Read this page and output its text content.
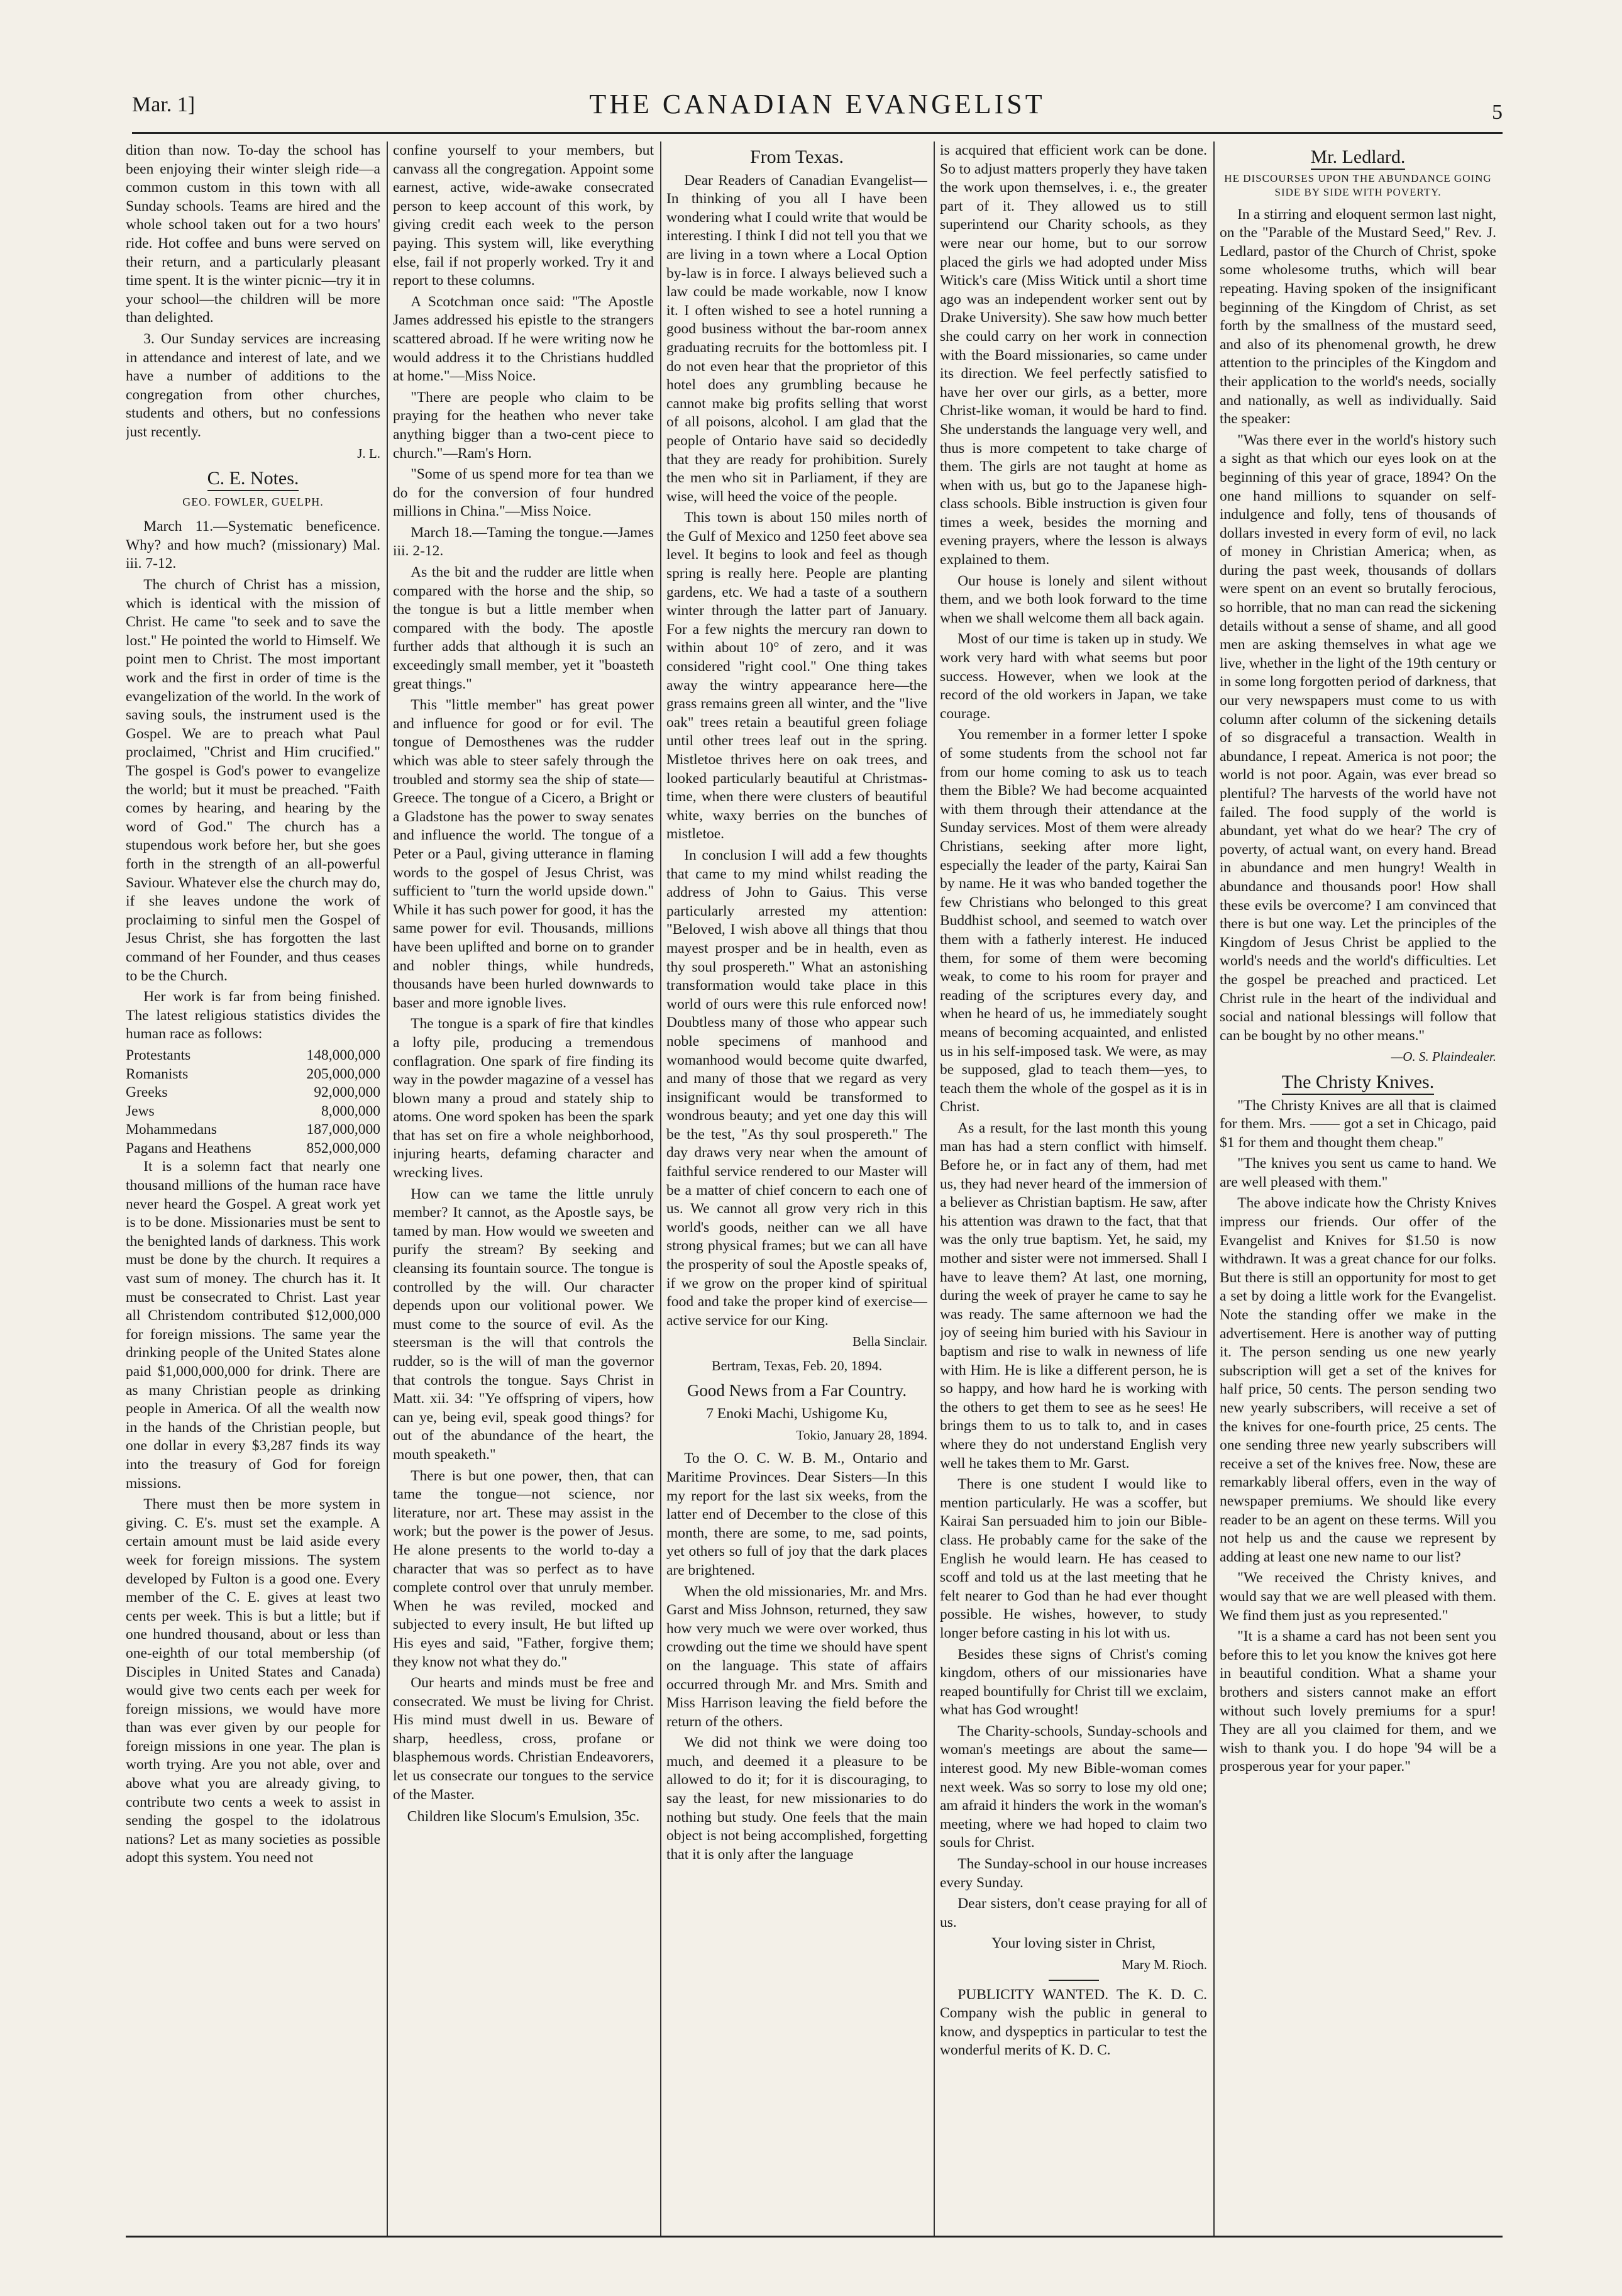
Mar. 1]	THE CANADIAN EVANGELIST	5

dition than now. To-day the school has been enjoying their winter sleigh ride—a common custom in this town with all Sunday schools. Teams are hired and the whole school taken out for a two hours' ride. Hot coffee and buns were served on their return, and a particularly pleasant time spent. It is the winter picnic—try it in your school—the children will be more than delighted.

3. Our Sunday services are increasing in attendance and interest of late, and we have a number of additions to the congregation from other churches, students and others, but no confessions just recently.

J. L.
C. E. Notes.
GEO. FOWLER, GUELPH.

March 11.—Systematic beneficence. Why? and how much? (missionary) Mal. iii. 7-12.

The church of Christ has a mission, which is identical with the mission of Christ. He came "to seek and to save the lost." He pointed the world to Himself. We point men to Christ. The most important work and the first in order of time is the evangelization of the world. In the work of saving souls, the instrument used is the Gospel. We are to preach what Paul proclaimed, "Christ and Him crucified." The gospel is God's power to evangelize the world; but it must be preached. "Faith comes by hearing, and hearing by the word of God." The church has a stupendous work before her, but she goes forth in the strength of an all-powerful Saviour. Whatever else the church may do, if she leaves undone the work of proclaiming to sinful men the Gospel of Jesus Christ, she has forgotten the last command of her Founder, and thus ceases to be the Church.

Her work is far from being finished. The latest religious statistics divides the human race as follows:

Protestants	148,000,000
Romanists	205,000,000
Greeks	92,000,000
Jews	8,000,000
Mohammedans	187,000,000
Pagans and Heathens	852,000,000

It is a solemn fact that nearly one thousand millions of the human race have never heard the Gospel. A great work yet is to be done. Missionaries must be sent to the benighted lands of darkness. This work must be done by the church. It requires a vast sum of money. The church has it. It must be consecrated to Christ. Last year all Christendom contributed $12,000,000 for foreign missions. The same year the drinking people of the United States alone paid $1,000,000,000 for drink. There are as many Christian people as drinking people in America. Of all the wealth now in the hands of the Christian people, but one dollar in every $3,287 finds its way into the treasury of God for foreign missions.

There must then be more system in giving. C. E's. must set the example. A certain amount must be laid aside every week for foreign missions. The system developed by Fulton is a good one. Every member of the C. E. gives at least two cents per week. This is but a little; but if one hundred thousand, about or less than one-eighth of our total membership (of Disciples in United States and Canada) would give two cents each per week for foreign missions, we would have more than was ever given by our people for foreign missions in one year. The plan is worth trying. Are you not able, over and above what you are already giving, to contribute two cents a week to assist in sending the gospel to the idolatrous nations? Let as many societies as possible adopt this system. You need not

confine yourself to your members, but canvass all the congregation. Appoint some earnest, active, wide-awake consecrated person to keep account of this work, by giving credit each week to the person paying. This system will, like everything else, fail if not properly worked. Try it and report to these columns.

A Scotchman once said: "The Apostle James addressed his epistle to the strangers scattered abroad. If he were writing now he would address it to the Christians huddled at home."—Miss Noice.

"There are people who claim to be praying for the heathen who never take anything bigger than a two-cent piece to church."—Ram's Horn.

"Some of us spend more for tea than we do for the conversion of four hundred millions in China."—Miss Noice.

March 18.—Taming the tongue.—James iii. 2-12.

As the bit and the rudder are little when compared with the horse and the ship, so the tongue is but a little member when compared with the body. The apostle further adds that although it is such an exceedingly small member, yet it "boasteth great things."

This "little member" has great power and influence for good or for evil. The tongue of Demosthenes was the rudder which was able to steer safely through the troubled and stormy sea the ship of state—Greece. The tongue of a Cicero, a Bright or a Gladstone has the power to sway senates and influence the world. The tongue of a Peter or a Paul, giving utterance in flaming words to the gospel of Jesus Christ, was sufficient to "turn the world upside down." While it has such power for good, it has the same power for evil. Thousands, millions have been uplifted and borne on to grander and nobler things, while hundreds, thousands have been hurled downwards to baser and more ignoble lives.

The tongue is a spark of fire that kindles a lofty pile, producing a tremendous conflagration. One spark of fire finding its way in the powder magazine of a vessel has blown many a proud and stately ship to atoms. One word spoken has been the spark that has set on fire a whole neighborhood, injuring hearts, defaming character and wrecking lives.

How can we tame the little unruly member? It cannot, as the Apostle says, be tamed by man. How would we sweeten and purify the stream? By seeking and cleansing its fountain source. The tongue is controlled by the will. Our character depends upon our volitional power. We must come to the source of evil. As the steersman is the will that controls the rudder, so is the will of man the governor that controls the tongue. Says Christ in Matt. xii. 34: "Ye offspring of vipers, how can ye, being evil, speak good things? for out of the abundance of the heart, the mouth speaketh."

There is but one power, then, that can tame the tongue—not science, nor literature, nor art. These may assist in the work; but the power is the power of Jesus. He alone presents to the world to-day a character that was so perfect as to have complete control over that unruly member. When he was reviled, mocked and subjected to every insult, He but lifted up His eyes and said, "Father, forgive them; they know not what they do."

Our hearts and minds must be free and consecrated. We must be living for Christ. His mind must dwell in us. Beware of sharp, heedless, cross, profane or blasphemous words. Christian Endeavorers, let us consecrate our tongues to the service of the Master.

Children like Slocum's Emulsion, 35c.
From Texas.

Dear Readers of Canadian Evangelist—In thinking of you all I have been wondering what I could write that would be interesting. I think I did not tell you that we are living in a town where a Local Option by-law is in force. I always believed such a law could be made workable, now I know it. I often wished to see a hotel running a good business without the bar-room annex graduating recruits for the bottomless pit. I do not even hear that the proprietor of this hotel does any grumbling because he cannot make big profits selling that worst of all poisons, alcohol. I am glad that the people of Ontario have said so decidedly that they are ready for prohibition. Surely the men who sit in Parliament, if they are wise, will heed the voice of the people.

This town is about 150 miles north of the Gulf of Mexico and 1250 feet above sea level. It begins to look and feel as though spring is really here. People are planting gardens, etc. We had a taste of a southern winter through the latter part of January. For a few nights the mercury ran down to within about 10° of zero, and it was considered "right cool." One thing takes away the wintry appearance here—the grass remains green all winter, and the "live oak" trees retain a beautiful green foliage until other trees leaf out in the spring. Mistletoe thrives here on oak trees, and looked particularly beautiful at Christmas-time, when there were clusters of beautiful white, waxy berries on the bunches of mistletoe.

In conclusion I will add a few thoughts that came to my mind whilst reading the address of John to Gaius. This verse particularly arrested my attention: "Beloved, I wish above all things that thou mayest prosper and be in health, even as thy soul prospereth." What an astonishing transformation would take place in this world of ours were this rule enforced now! Doubtless many of those who appear such noble specimens of manhood and womanhood would become quite dwarfed, and many of those that we regard as very insignificant would be transformed to wondrous beauty; and yet one day this will be the test, "As thy soul prospereth." The day draws very near when the amount of faithful service rendered to our Master will be a matter of chief concern to each one of us. We cannot all grow very rich in this world's goods, neither can we all have strong physical frames; but we can all have the prosperity of soul the Apostle speaks of, if we grow on the proper kind of spiritual food and take the proper kind of exercise—active service for our King.

Bella Sinclair.
Bertram, Texas, Feb. 20, 1894.
Good News from a Far Country.
7 Enoki Machi, Ushigome Ku,
Tokio, January 28, 1894.

To the O. C. W. B. M., Ontario and Maritime Provinces. Dear Sisters—In this my report for the last six weeks, from the latter end of December to the close of this month, there are some, to me, sad points, yet others so full of joy that the dark places are brightened.

When the old missionaries, Mr. and Mrs. Garst and Miss Johnson, returned, they saw how very much we were over worked, thus crowding out the time we should have spent on the language. This state of affairs occurred through Mr. and Mrs. Smith and Miss Harrison leaving the field before the return of the others.

We did not think we were doing too much, and deemed it a pleasure to be allowed to do it; for it is discouraging, to say the least, for new missionaries to do nothing but study. One feels that the main object is not being accomplished, forgetting that it is only after the language

is acquired that efficient work can be done. So to adjust matters properly they have taken the work upon themselves, i. e., the greater part of it. They allowed us to still superintend our Charity schools, as they were near our home, but to our sorrow placed the girls we had adopted under Miss Witick's care (Miss Witick until a short time ago was an independent worker sent out by Drake University). She saw how much better she could carry on her work in connection with the Board missionaries, so came under its direction. We feel perfectly satisfied to have her over our girls, as a better, more Christ-like woman, it would be hard to find. She understands the language very well, and thus is more competent to take charge of them. The girls are not taught at home as when with us, but go to the Japanese high-class schools. Bible instruction is given four times a week, besides the morning and evening prayers, where the lesson is always explained to them.

Our house is lonely and silent without them, and we both look forward to the time when we shall welcome them all back again.

Most of our time is taken up in study. We work very hard with what seems but poor success. However, when we look at the record of the old workers in Japan, we take courage.

You remember in a former letter I spoke of some students from the school not far from our home coming to ask us to teach them the Bible? We had become acquainted with them through their attendance at the Sunday services. Most of them were already Christians, seeking after more light, especially the leader of the party, Kairai San by name. He it was who banded together the few Christians who belonged to this great Buddhist school, and seemed to watch over them with a fatherly interest. He induced them, for some of them were becoming weak, to come to his room for prayer and reading of the scriptures every day, and when he heard of us, he immediately sought means of becoming acquainted, and enlisted us in his self-imposed task. We were, as may be supposed, glad to teach them—yes, to teach them the whole of the gospel as it is in Christ.

As a result, for the last month this young man has had a stern conflict with himself. Before he, or in fact any of them, had met us, they had never heard of the immersion of a believer as Christian baptism. He saw, after his attention was drawn to the fact, that that was the only true baptism. Yet, he said, my mother and sister were not immersed. Shall I have to leave them? At last, one morning, during the week of prayer he came to say he was ready. The same afternoon we had the joy of seeing him buried with his Saviour in baptism and rise to walk in newness of life with Him. He is like a different person, he is so happy, and how hard he is working with the others to get them to see as he sees! He brings them to us to talk to, and in cases where they do not understand English very well he takes them to Mr. Garst.

There is one student I would like to mention particularly. He was a scoffer, but Kairai San persuaded him to join our Bible-class. He probably came for the sake of the English he would learn. He has ceased to scoff and told us at the last meeting that he felt nearer to God than he had ever thought possible. He wishes, however, to study longer before casting in his lot with us.

Besides these signs of Christ's coming kingdom, others of our missionaries have reaped bountifully for Christ till we exclaim, what has God wrought!

The Charity-schools, Sunday-schools and woman's meetings are about the same—interest good. My new Bible-woman comes next week. Was so sorry to lose my old one; am afraid it hinders the work in the woman's meeting, where we had hoped to claim two souls for Christ.

The Sunday-school in our house increases every Sunday.

Dear sisters, don't cease praying for all of us.

Your loving sister in Christ,
Mary M. Rioch.

PUBLICITY WANTED. The K. D. C. Company wish the public in general to know, and dyspeptics in particular to test the wonderful merits of K. D. C.

Mr. Ledlard.
HE DISCOURSES UPON THE ABUNDANCE GOING SIDE BY SIDE WITH POVERTY.

In a stirring and eloquent sermon last night, on the "Parable of the Mustard Seed," Rev. J. Ledlard, pastor of the Church of Christ, spoke some wholesome truths, which will bear repeating. Having spoken of the insignificant beginning of the Kingdom of Christ, as set forth by the smallness of the mustard seed, and also of its phenomenal growth, he drew attention to the principles of the Kingdom and their application to the world's needs, socially and nationally, as well as individually. Said the speaker:

"Was there ever in the world's history such a sight as that which our eyes look on at the beginning of this year of grace, 1894? On the one hand millions to squander on self-indulgence and folly, tens of thousands of dollars invested in every form of evil, no lack of money in Christian America; when, as during the past week, thousands of dollars were spent on an event so brutally ferocious, so horrible, that no man can read the sickening details without a sense of shame, and all good men are asking themselves in what age we live, whether in the light of the 19th century or in some long forgotten period of darkness, that our very newspapers must come to us with column after column of the sickening details of so disgraceful a transaction. Wealth in abundance, I repeat. America is not poor; the world is not poor. Again, was ever bread so plentiful? The harvests of the world have not failed. The food supply of the world is abundant, yet what do we hear? The cry of poverty, of actual want, on every hand. Bread in abundance and men hungry! Wealth in abundance and thousands poor! How shall these evils be overcome? I am convinced that there is but one way. Let the principles of the Kingdom of Jesus Christ be applied to the world's needs and the world's difficulties. Let the gospel be preached and practiced. Let Christ rule in the heart of the individual and social and national blessings will follow that can be bought by no other means."

—O. S. Plaindealer.
The Christy Knives.

"The Christy Knives are all that is claimed for them. Mrs. —— got a set in Chicago, paid $1 for them and thought them cheap."

"The knives you sent us came to hand. We are well pleased with them."

The above indicate how the Christy Knives impress our friends. Our offer of the Evangelist and Knives for $1.50 is now withdrawn. It was a great chance for our folks. But there is still an opportunity for most to get a set by doing a little work for the Evangelist. Note the standing offer we make in the advertisement. Here is another way of putting it. The person sending us one new yearly subscription will get a set of the knives for half price, 50 cents. The person sending two new yearly subscribers, will receive a set of the knives for one-fourth price, 25 cents. The one sending three new yearly subscribers will receive a set of the knives free. Now, these are remarkably liberal offers, even in the way of newspaper premiums. We should like every reader to be an agent on these terms. Will you not help us and the cause we represent by adding at least one new name to our list?

"We received the Christy knives, and would say that we are well pleased with them. We find them just as you represented."

"It is a shame a card has not been sent you before this to let you know the knives got here in beautiful condition. What a shame your brothers and sisters cannot make an effort without such lovely premiums for a spur! They are all you claimed for them, and we wish to thank you. I do hope '94 will be a prosperous year for your paper."
